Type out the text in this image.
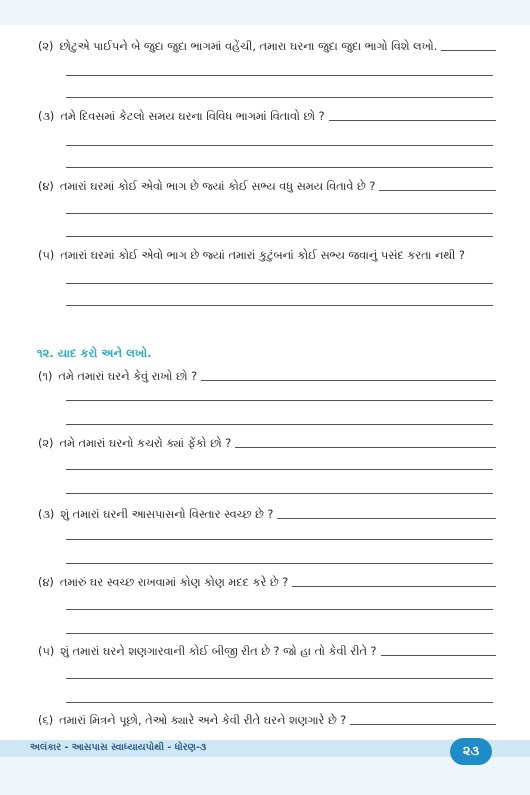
(૨) છોટુએ પાઈપને બે જુદા જુદા ભાગમાં વહેંચી, તમારા ઘરના જુદા જુદા ભાગો વિશે લખો.
(૩) તમે દિવસમાં કેટલો સમય ઘરના વિવિધ ભાગમાં વિતાવો છો ?
(૪) તમારાં ઘરમાં કોઈ એવો ભાગ છે જ્યાં કોઈ સભ્ય વધુ સમય વિતાવે છે ?
(૫) તમારાં ઘરમાં કોઈ એવો ભાગ છે જ્યાં તમારાં કુટુંબનાં કોઈ સભ્ય જવાનું પસંદ કરતા નથી ?
૧૨. યાદ કરો અને લખો.
(૧) તમે તમારાં ઘરને કેવું રાખો છો ?
(૨) તમે તમારાં ઘરનો કચરો ક્યાં ફેંકો છો ?
(૩) શું તમારાં ઘરની આસપાસનો વિસ્તાર સ્વચ્છ છે ?
(૪) તમારું ઘર સ્વચ્છ રાખવામાં કોણ કોણ મદદ કરે છે ?
(૫) શું તમારાં ઘરને શણગારવાની કોઈ બીજી રીત છે ? જો હા તો કેવી રીતે ?
(૬) તમારાં મિત્રને પૂછો, તેઓ ક્યારે અને કેવી રીતે ઘરને શણગારે છે ?
અલંકાર - આસપાસ સ્વાધ્યાયપોથી - ધોરણ-૩	૨૩
